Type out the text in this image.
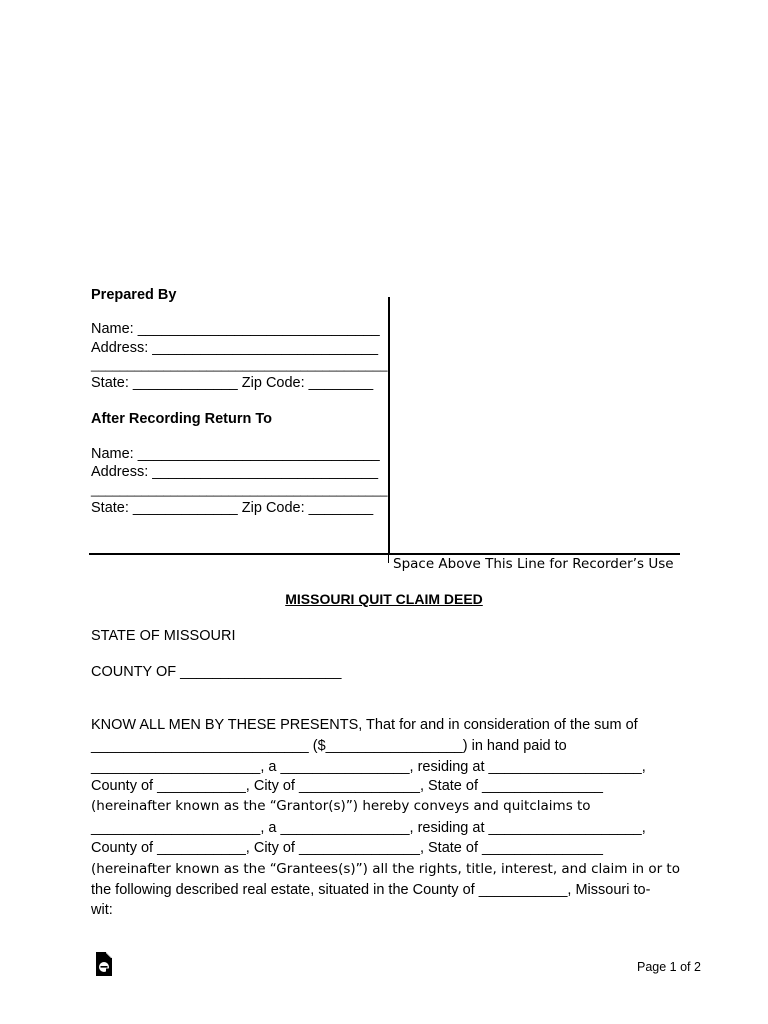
Prepared By
Name: ______________________________
Address: ____________________________
_________________________________________
State: _____________ Zip Code: ________
After Recording Return To
Name: ______________________________
Address: ____________________________
_________________________________________
State: _____________ Zip Code: ________
Space Above This Line for Recorder’s Use
MISSOURI QUIT CLAIM DEED
STATE OF MISSOURI
COUNTY OF ____________________
KNOW ALL MEN BY THESE PRESENTS, That for and in consideration of the sum of
___________________________ ($_________________) in hand paid to
_____________________, a ________________, residing at ___________________,
County of ___________, City of _______________, State of _______________
(hereinafter known as the “Grantor(s)”) hereby conveys and quitclaims to
_____________________, a ________________, residing at ___________________,
County of ___________, City of _______________, State of _______________
(hereinafter known as the “Grantees(s)”) all the rights, title, interest, and claim in or to
the following described real estate, situated in the County of ___________, Missouri to-
wit:
Page 1 of 2
